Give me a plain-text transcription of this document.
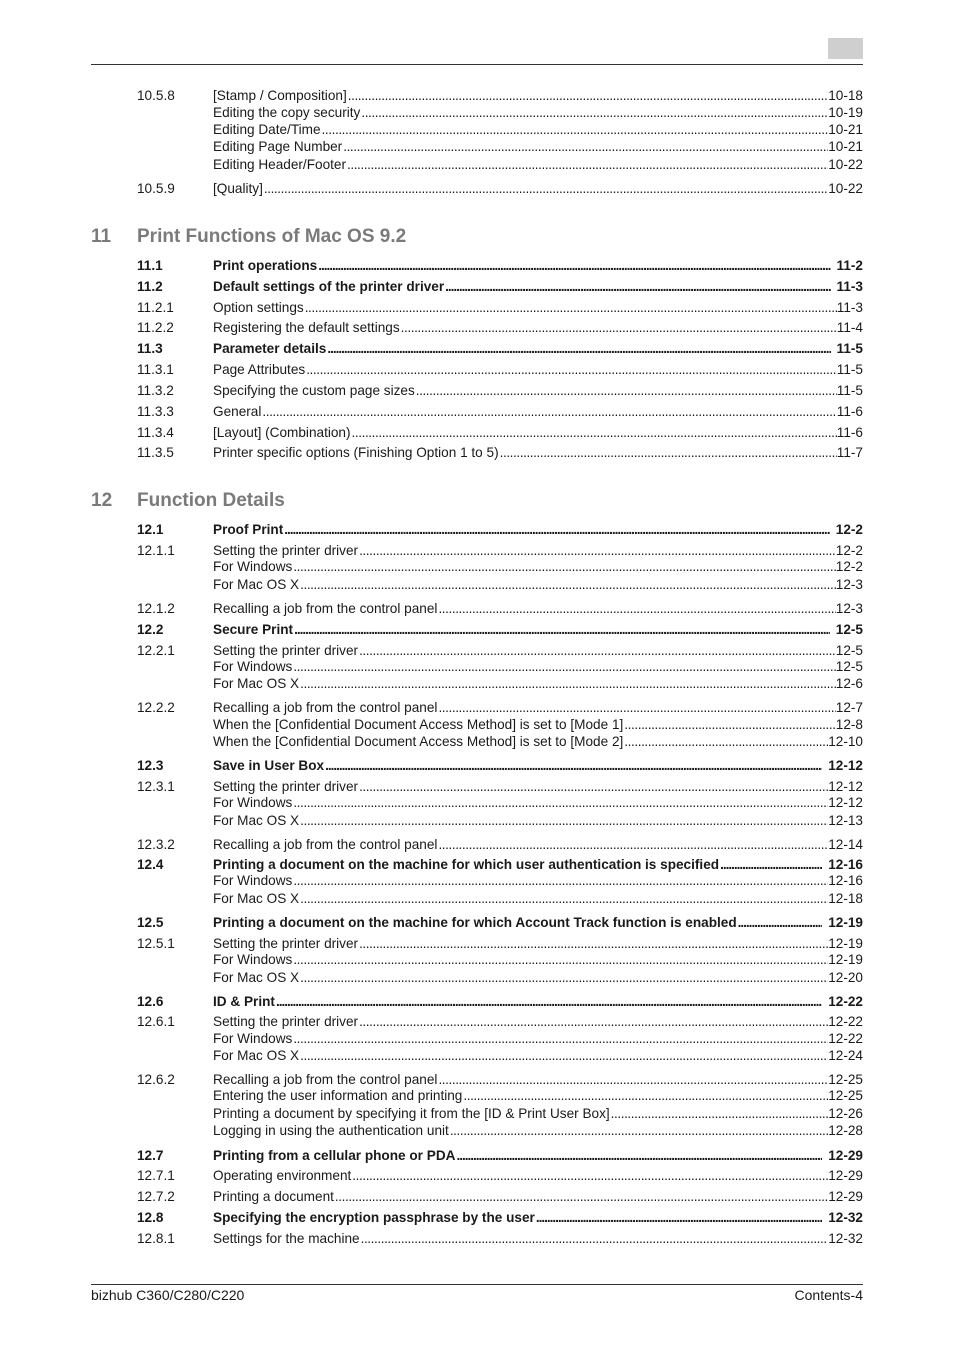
11 Print Functions of Mac OS 9.2
12 Function Details
10.5.8	[Stamp / Composition] . . .	10-18
Editing the copy security . . .	10-19
Editing Date/Time . . .	10-21
Editing Page Number . . .	10-21
Editing Header/Footer . . .	10-22
10.5.9	[Quality] . . .	10-22
11.1	Print operations . . .	11-2
11.2	Default settings of the printer driver . . .	11-3
11.2.1	Option settings . . .	11-3
11.2.2	Registering the default settings . . .	11-4
11.3	Parameter details . . .	11-5
11.3.1	Page Attributes . . .	11-5
11.3.2	Specifying the custom page sizes . . .	11-5
11.3.3	General . . .	11-6
11.3.4	[Layout] (Combination) . . .	11-6
11.3.5	Printer specific options (Finishing Option 1 to 5) . . .	11-7
12.1	Proof Print . . .	12-2
12.1.1	Setting the printer driver . . .	12-2
For Windows . . .	12-2
For Mac OS X . . .	12-3
12.1.2	Recalling a job from the control panel . . .	12-3
12.2	Secure Print . . .	12-5
12.2.1	Setting the printer driver . . .	12-5
For Windows . . .	12-5
For Mac OS X . . .	12-6
12.2.2	Recalling a job from the control panel . . .	12-7
When the [Confidential Document Access Method] is set to [Mode 1] . . .	12-8
When the [Confidential Document Access Method] is set to [Mode 2] . . .	12-10
12.3	Save in User Box . . .	12-12
12.3.1	Setting the printer driver . . .	12-12
For Windows . . .	12-12
For Mac OS X . . .	12-13
12.3.2	Recalling a job from the control panel . . .	12-14
12.4	Printing a document on the machine for which user authentication is specified . . .	12-16
For Windows . . .	12-16
For Mac OS X . . .	12-18
12.5	Printing a document on the machine for which Account Track function is enabled . . .	12-19
12.5.1	Setting the printer driver . . .	12-19
For Windows . . .	12-19
For Mac OS X . . .	12-20
12.6	ID & Print . . .	12-22
12.6.1	Setting the printer driver . . .	12-22
For Windows . . .	12-22
For Mac OS X . . .	12-24
12.6.2	Recalling a job from the control panel . . .	12-25
Entering the user information and printing . . .	12-25
Printing a document by specifying it from the [ID & Print User Box] . . .	12-26
Logging in using the authentication unit . . .	12-28
12.7	Printing from a cellular phone or PDA . . .	12-29
12.7.1	Operating environment . . .	12-29
12.7.2	Printing a document . . .	12-29
12.8	Specifying the encryption passphrase by the user . . .	12-32
12.8.1	Settings for the machine . . .	12-32
bizhub C360/C280/C220	Contents-4
